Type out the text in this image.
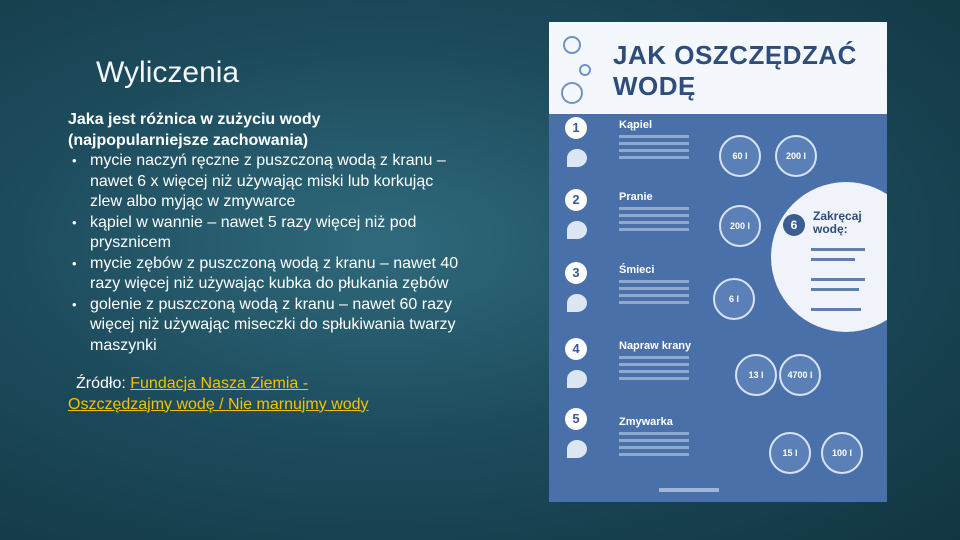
Wyliczenia

Jaka jest różnica w zużyciu wody
(najpopularniejsze zachowania)

• mycie naczyń ręczne z puszczoną wodą z kranu – nawet 6 x więcej niż używając miski lub korkując zlew albo myjąc w zmywarce
• kąpiel w wannie – nawet 5 razy więcej niż pod prysznicem
• mycie zębów z puszczoną wodą z kranu – nawet 40 razy więcej niż używając kubka do płukania zębów
• golenie z puszczoną wodą z kranu – nawet 60 razy więcej niż używając miseczki do spłukiwania twarzy maszynki
Źródło: Fundacja Nasza Ziemia -
Oszczędzajmy wodę / Nie marnujmy wody
JAK OSZCZĘDZAĆ WODĘ
6
Zakręcaj
wodę:
1	Kąpiel
60 l	200 l
2	Pranie
200 l
3	Śmieci
6 l
4	Napraw krany
13 l	4700 l
5	Zmywarka
15 l	100 l
